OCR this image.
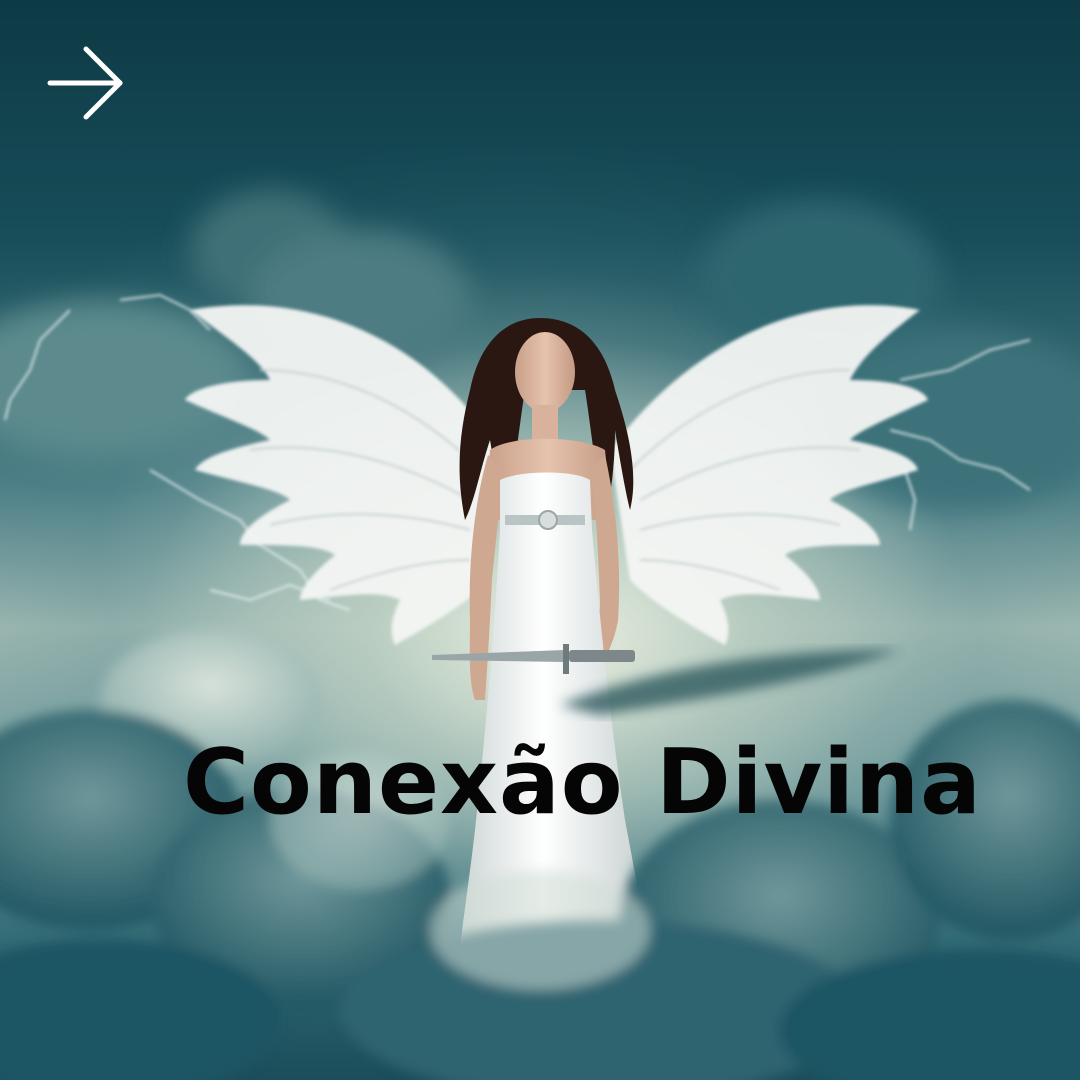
Conexão Divina
